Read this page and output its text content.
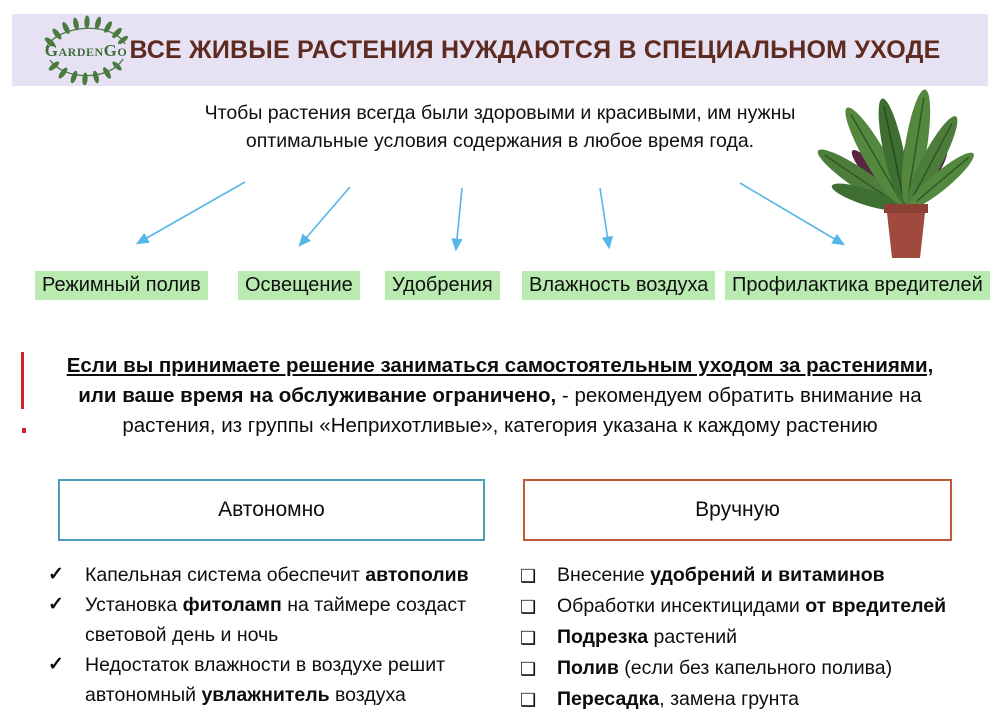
GardenGo ВСЕ ЖИВЫЕ РАСТЕНИЯ НУЖДАЮТСЯ В СПЕЦИАЛЬНОМ УХОДЕ
Чтобы растения всегда были здоровыми и красивыми, им нужны
оптимальные условия содержания в любое время года.
Режимный полив	Освещение	Удобрения	Влажность воздуха	Профилактика вредителей
Если вы принимаете решение заниматься самостоятельным уходом за растениями,
или ваше время на обслуживание ограничено, - рекомендуем обратить внимание на
растения, из группы «Неприхотливые», категория указана к каждому растению
Автономно	Вручную
✓	Капельная система обеспечит автополив
✓	Установка фитоламп на таймере создаст световой день и ночь
✓	Недостаток влажности в воздухе решит автономный увлажнитель воздуха
❑	Внесение удобрений и витаминов
❑	Обработки инсектицидами от вредителей
❑	Подрезка растений
❑	Полив (если без капельного полива)
❑	Пересадка, замена грунта
